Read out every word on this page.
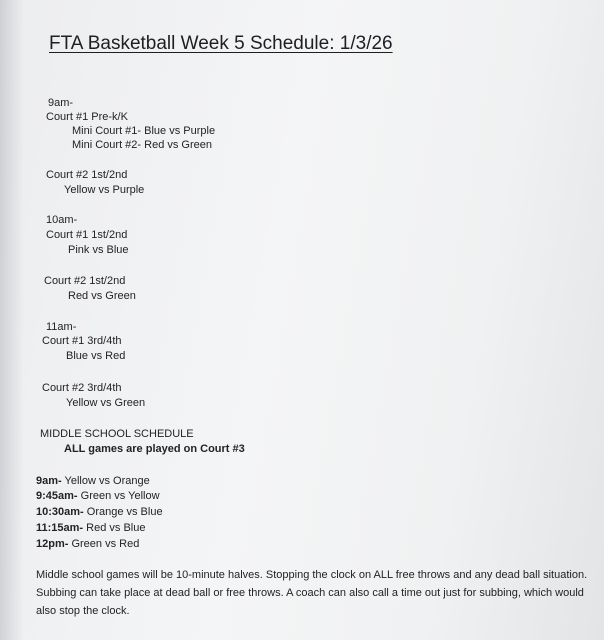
FTA Basketball Week 5 Schedule: 1/3/26
9am-
Court #1 Pre-k/K
Mini Court #1- Blue vs Purple
Mini Court #2- Red vs Green
Court #2 1st/2nd
Yellow vs Purple
10am-
Court #1 1st/2nd
Pink vs Blue
Court #2 1st/2nd
Red vs Green
11am-
Court #1 3rd/4th
Blue vs Red
Court #2 3rd/4th
Yellow vs Green
MIDDLE SCHOOL SCHEDULE
ALL games are played on Court #3
9am- Yellow vs Orange
9:45am- Green vs Yellow
10:30am- Orange vs Blue
11:15am- Red vs Blue
12pm- Green vs Red
Middle school games will be 10-minute halves. Stopping the clock on ALL free throws and any dead ball situation. Subbing can take place at dead ball or free throws. A coach can also call a time out just for subbing, which would also stop the clock.
